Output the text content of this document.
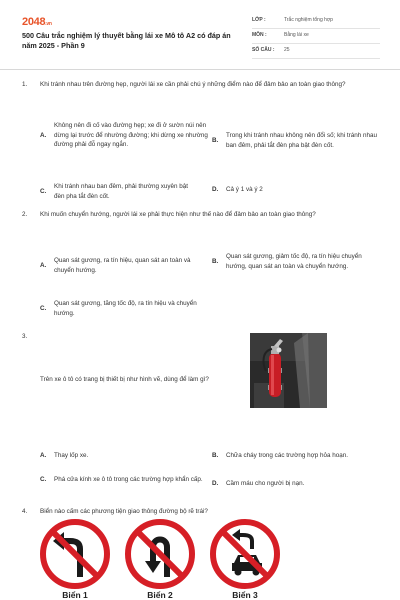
2048.vn
500 Câu trắc nghiệm lý thuyết bằng lái xe Mô tô A2 có đáp án năm 2025 - Phần 9
LỚP :	Trắc nghiệm tổng hợp
MÔN :	Bằng lái xe
SỐ CÂU :	25
1.	Khi tránh nhau trên đường hẹp, người lái xe cần phải chú ý những điểm nào để đảm bảo an toàn giao thông?
A.
Không nên đi cố vào đường hẹp; xe đi ở sườn núi nên dừng lại trước để nhường đường; khi dừng xe nhường đường phải đỗ ngay ngắn.
B.
Trong khi tránh nhau không nên đổi số; khi tránh nhau ban đêm, phải tắt đèn pha bật đèn cốt.
C.
Khi tránh nhau ban đêm, phải thường xuyên bật đèn pha tắt đèn cốt.
D.	Cả ý 1 và ý 2
2.	Khi muốn chuyển hướng, người lái xe phải thực hiện như thế nào để đảm bảo an toàn giao thông?
A.
Quan sát gương, ra tín hiệu, quan sát an toàn và chuyển hướng.
B.
Quan sát gương, giảm tốc độ, ra tín hiệu chuyển hướng, quan sát an toàn và chuyển hướng.
C.
Quan sát gương, tăng tốc độ, ra tín hiệu và chuyển hướng.
3.
Trên xe ô tô có trang bị thiết bị như hình vẽ, dùng để làm gì?
A.	Thay lốp xe.	B.	Chữa cháy trong các trường hợp hỏa hoạn.
C.	Phá cửa kính xe ô tô trong các trường hợp khẩn cấp.
D.	Cầm máu cho người bị nạn.
4.	Biển nào cấm các phương tiện giao thông đường bộ rẽ trái?
Biển 1	Biển 2	Biển 3
